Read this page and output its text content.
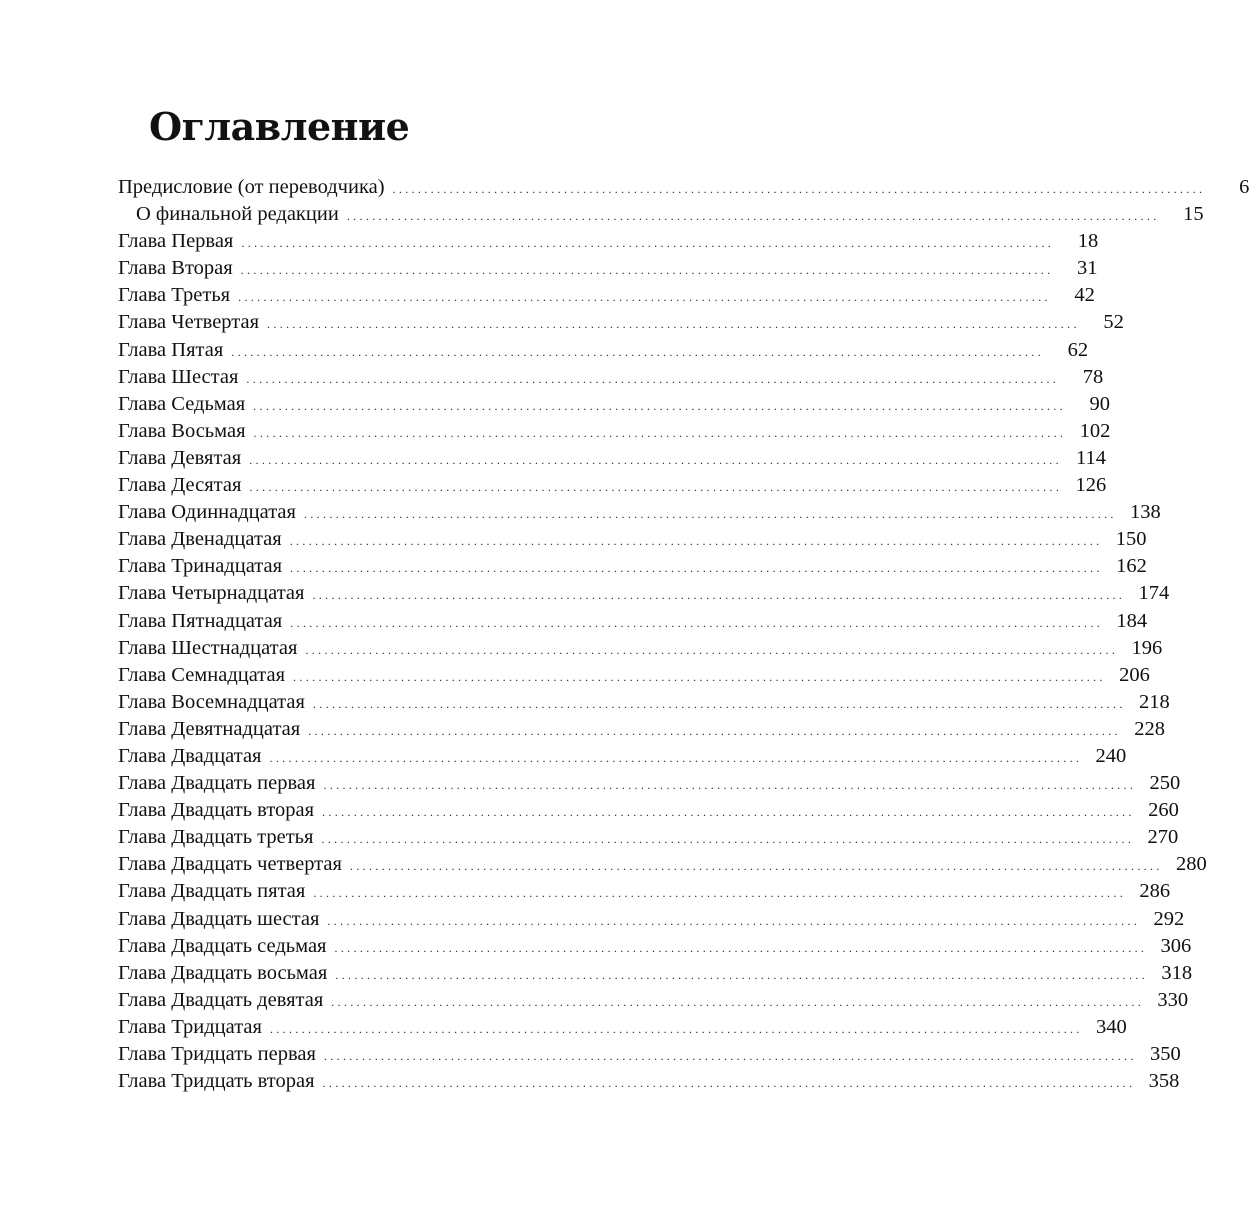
Оглавление
Предисловие (от переводчика) ................................................................................................................................	6
О финальной редакции ................................................................................................................................	15
Глава Первая ................................................................................................................................	18
Глава Вторая ................................................................................................................................	31
Глава Третья ................................................................................................................................	42
Глава Четвертая ................................................................................................................................	52
Глава Пятая ................................................................................................................................	62
Глава Шестая ................................................................................................................................	78
Глава Седьмая ................................................................................................................................	90
Глава Восьмая ................................................................................................................................ 102
Глава Девятая ................................................................................................................................ 114
Глава Десятая ................................................................................................................................ 126
Глава Одиннадцатая ................................................................................................................................ 138
Глава Двенадцатая ................................................................................................................................ 150
Глава Тринадцатая ................................................................................................................................ 162
Глава Четырнадцатая ................................................................................................................................ 174
Глава Пятнадцатая ................................................................................................................................ 184
Глава Шестнадцатая ................................................................................................................................ 196
Глава Семнадцатая ................................................................................................................................ 206
Глава Восемнадцатая ................................................................................................................................ 218
Глава Девятнадцатая ................................................................................................................................ 228
Глава Двадцатая ................................................................................................................................ 240
Глава Двадцать первая ................................................................................................................................ 250
Глава Двадцать вторая ................................................................................................................................ 260
Глава Двадцать третья ................................................................................................................................ 270
Глава Двадцать четвертая ................................................................................................................................ 280
Глава Двадцать пятая ................................................................................................................................ 286
Глава Двадцать шестая ................................................................................................................................ 292
Глава Двадцать седьмая ................................................................................................................................ 306
Глава Двадцать восьмая ................................................................................................................................ 318
Глава Двадцать девятая ................................................................................................................................ 330
Глава Тридцатая ................................................................................................................................ 340
Глава Тридцать первая ................................................................................................................................ 350
Глава Тридцать вторая ................................................................................................................................ 358
